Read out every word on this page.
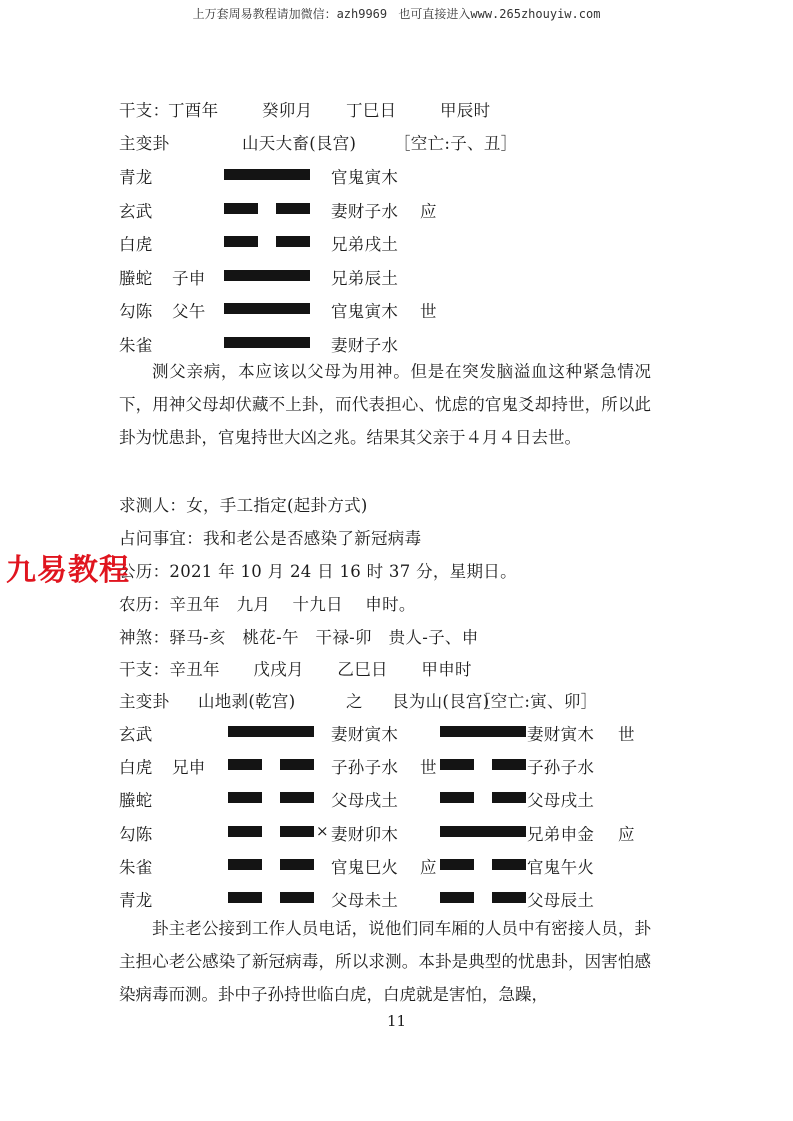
上万套周易教程请加微信：azh9969 也可直接进入www.265zhouyiw.com
干支：
丁酉年	癸卯月 丁巳日	甲辰时
主变卦	山天大畜(艮宫) ［空亡:子、丑］
青龙	官鬼寅木
玄武	妻财子水 应
白虎	兄弟戌土
螣蛇 子申	兄弟辰土
勾陈 父午	官鬼寅木 世
朱雀	妻财子水

测父亲病，本应该以父母为用神。但是在突发脑溢血这种紧急情况下，用神父母却伏藏不上卦，而代表担心、忧虑的官鬼爻却持世，所以此卦为忧患卦，官鬼持世大凶之兆。结果其父亲于４月４日去世。

求测人：女，手工指定(起卦方式)
占问事宜：我和老公是否感染了新冠病毒
公历：2021 年 10 月 24 日 16 时 37 分，星期日。
农历：辛丑年　九月　 十九日　 申时。
神煞：驿马-亥　桃花-午　干禄-卯　贵人-子、申
干支：辛丑年　　戊戌月　　乙巳日　　甲申时
主变卦 山地剥(乾宫)	之 艮为山(艮宫)
［空亡:寅、卯］
玄武	妻财寅木	妻财寅木 世
白虎 兄申	子孙子水 世	子孙子水
螣蛇	父母戌土	父母戌土
勾陈	× 妻财卯木	兄弟申金 应
朱雀	官鬼巳火 应	官鬼午火
青龙	父母未土	父母辰土

卦主老公接到工作人员电话，说他们同车厢的人员中有密接人员，卦主担心老公感染了新冠病毒，所以求测。本卦是典型的忧患卦，因害怕感染病毒而测。卦中子孙持世临白虎，白虎就是害怕，急躁，

九易教程
11
